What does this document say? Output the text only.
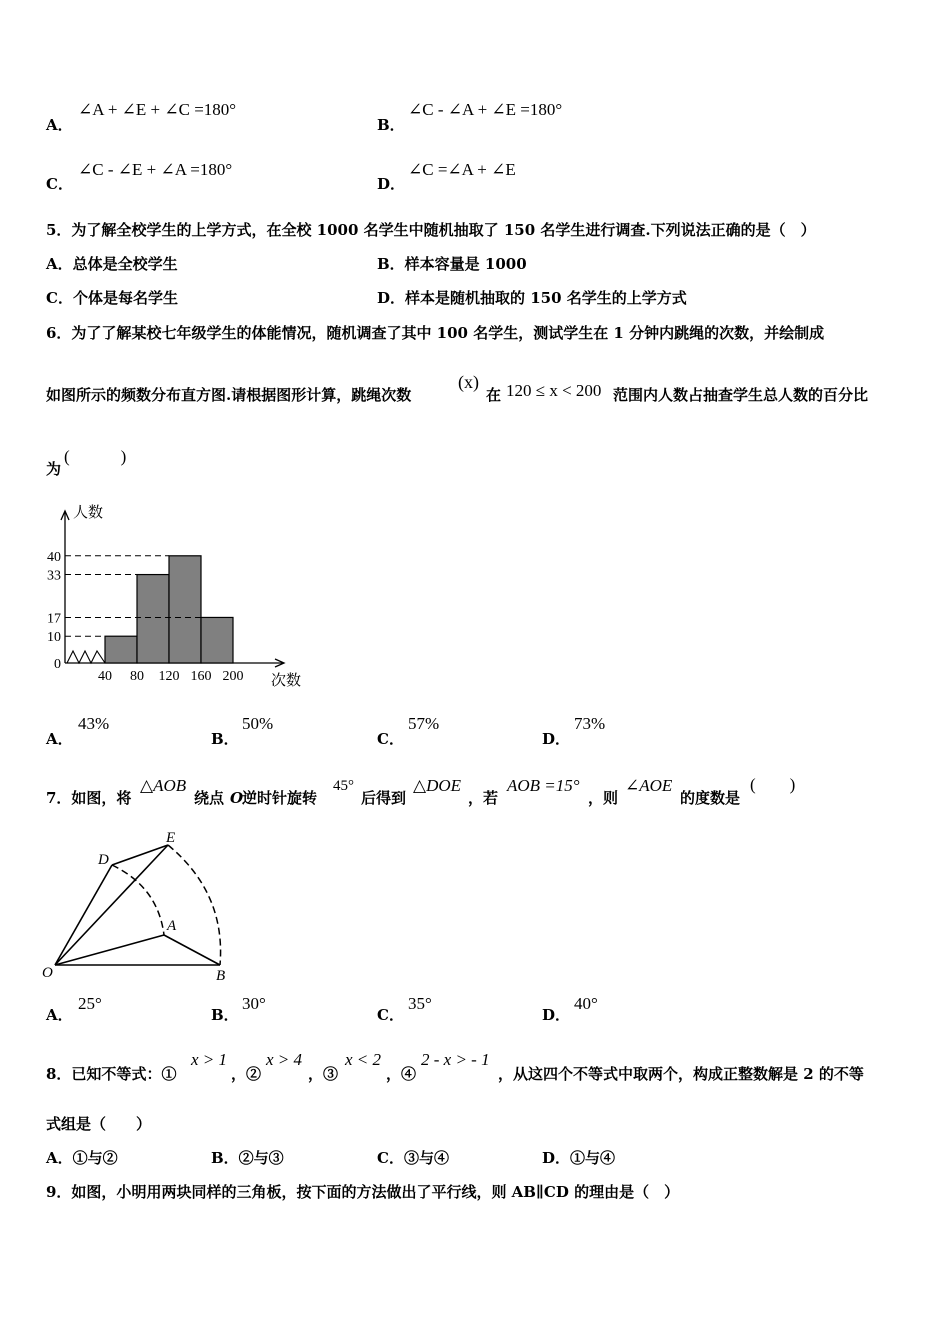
A．
∠A + ∠E + ∠C =180°
B．
∠C - ∠A + ∠E =180°
C．
∠C - ∠E + ∠A =180°
D．
∠C =∠A + ∠E
5．为了解全校学生的上学方式，在全校 1000 名学生中随机抽取了 150 名学生进行调查.下列说法正确的是（　）
A．总体是全校学生	B．样本容量是 1000
C．个体是每名学生	D．样本是随机抽取的 150 名学生的上学方式
6．为了了解某校七年级学生的体能情况，随机调查了其中 100 名学生，测试学生在 1 分钟内跳绳的次数，并绘制成
如图所示的频数分布直方图.请根据图形计算，跳绳次数
(x)
在 120 ≤ x < 200 范围内人数占抽查学生总人数的百分比
为
(　　　)
0
10
17
33
40
40 80 120 160 200
人数
次数
A．
43%
B．
50%
C．
57%
D．
73%
7．如图，将
△AOB
绕点 O
逆时针旋转
45°
后得到
△DOE
，若
AOB =15°
，则
∠AOE
的度数是
(　　)
D
E
A
O	B
A．
25°
B．
30°
C．
35°
D．
40°
8．已知不等式：①
x > 1
，②
x > 4
，③
x < 2
，④
2 - x > - 1
，从这四个不等式中取两个，构成正整数解是 2 的不等
式组是（　　）
A．①与②	B．②与③	C．③与④	D．①与④
9．如图，小明用两块同样的三角板，按下面的方法做出了平行线，则 AB∥CD 的理由是（　）
